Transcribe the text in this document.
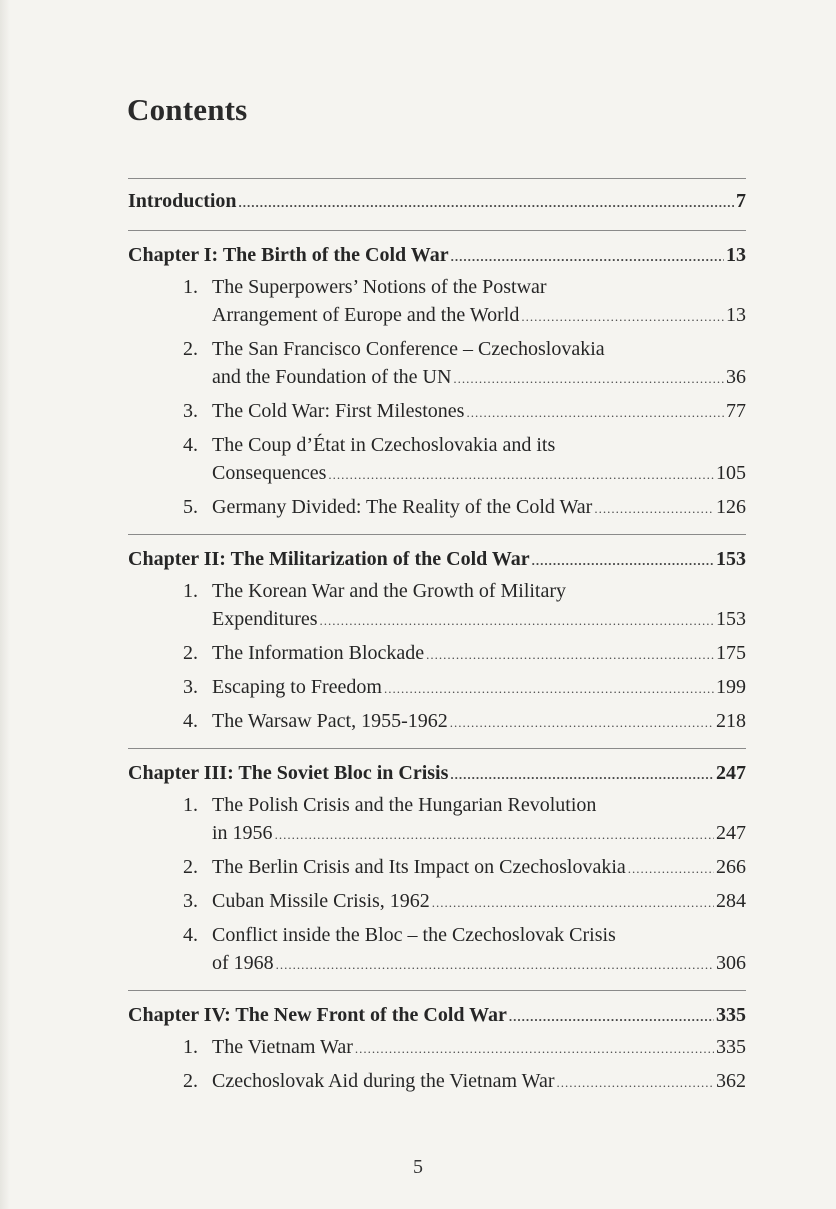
Contents
Introduction .....	7
Chapter I: The Birth of the Cold War .....	13
1. The Superpowers’ Notions of the Postwar
Arrangement of Europe and the World .....	13
2. The San Francisco Conference – Czechoslovakia
and the Foundation of the UN .....	36
3. The Cold War: First Milestones .....	77
4. The Coup d’État in Czechoslovakia and its
Consequences .....	105
5. Germany Divided: The Reality of the Cold War .....	126
Chapter II: The Militarization of the Cold War .....	153
1. The Korean War and the Growth of Military
Expenditures .....	153
2. The Information Blockade .....	175
3. Escaping to Freedom .....	199
4. The Warsaw Pact, 1955-1962 .....	218
Chapter III: The Soviet Bloc in Crisis .....	247
1. The Polish Crisis and the Hungarian Revolution
in 1956 .....	247
2. The Berlin Crisis and Its Impact on Czechoslovakia .....	266
3. Cuban Missile Crisis, 1962 .....	284
4. Conflict inside the Bloc – the Czechoslovak Crisis
of 1968 .....	306
Chapter IV: The New Front of the Cold War .....	335
1. The Vietnam War .....	335
2. Czechoslovak Aid during the Vietnam War .....	362
5
